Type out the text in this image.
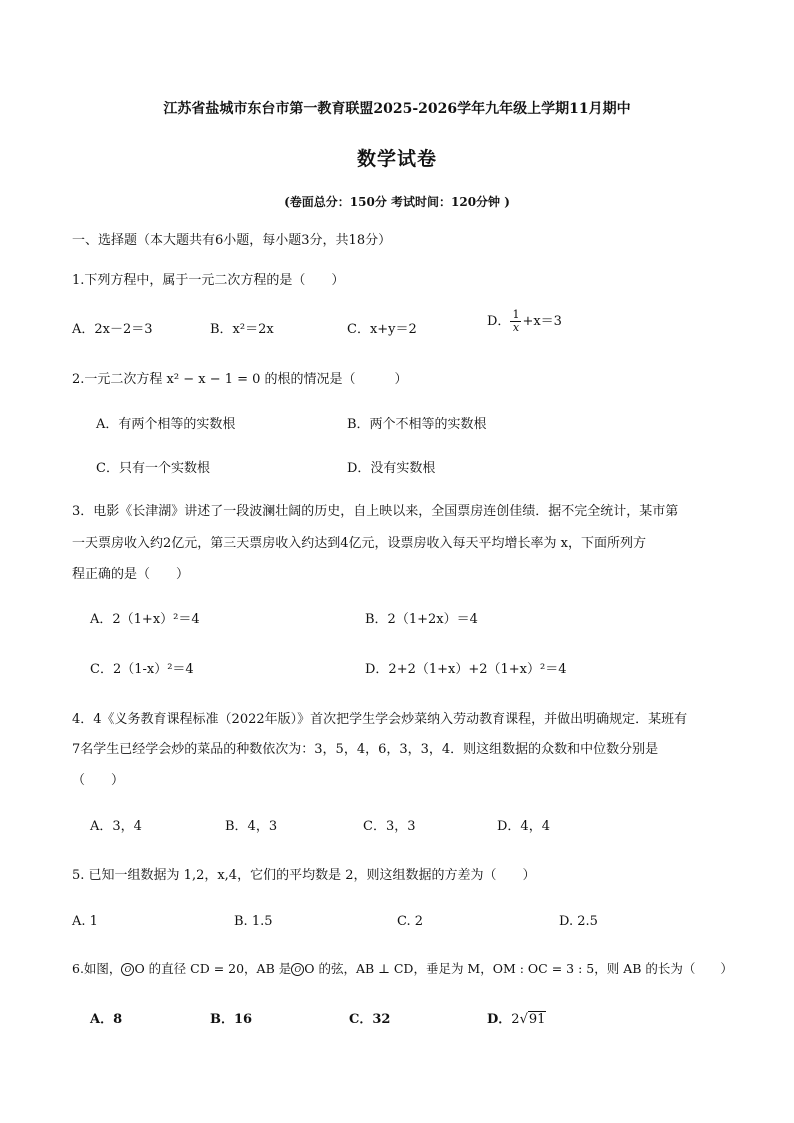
江苏省盐城市东台市第一教育联盟2025-2026学年九年级上学期11月期中
数学试卷
(卷面总分：150分 考试时间：120分钟 )
一、选择题（本大题共有6小题，每小题3分，共18分）
1.下列方程中，属于一元二次方程的是（　　）
A．2x－2＝3	B．x²＝2x	C．x+y＝2
D． $\frac{1}{x} +x=3$
2.一元二次方程 x² − x − 1 = 0 的根的情况是（　　　）
A．有两个相等的实数根	B．两个不相等的实数根
C．只有一个实数根	D．没有实数根
3．电影《长津湖》讲述了一段波澜壮阔的历史，自上映以来，全国票房连创佳绩．据不完全统计，某市第
一天票房收入约2亿元，第三天票房收入约达到4亿元，设票房收入每天平均增长率为 x，下面所列方
程正确的是（　　）
A．2（1+x）²＝4	B．2（1+2x）＝4
C．2（1-x）²＝4	D．2+2（1+x）+2（1+x）²＝4
4．4《义务教育课程标准（2022年版）》首次把学生学会炒菜纳入劳动教育课程，并做出明确规定．某班有
7名学生已经学会炒的菜品的种数依次为：3，5，4，6，3，3，4．则这组数据的众数和中位数分别是
（　　）
A．3，4	B．4，3	C．3，3	D．4，4
5. 已知一组数据为 1,2，x,4，它们的平均数是 2，则这组数据的方差为（　　）
A. 1	B. 1.5	C. 2	D. 2.5
6.如图， O O 的直径 CD = 20，AB 是 O O 的弦，AB ⊥ CD，垂足为 M，OM : OC = 3 : 5，则 AB 的长为（　　）
A．8	B．16	C．32	D．2√91
